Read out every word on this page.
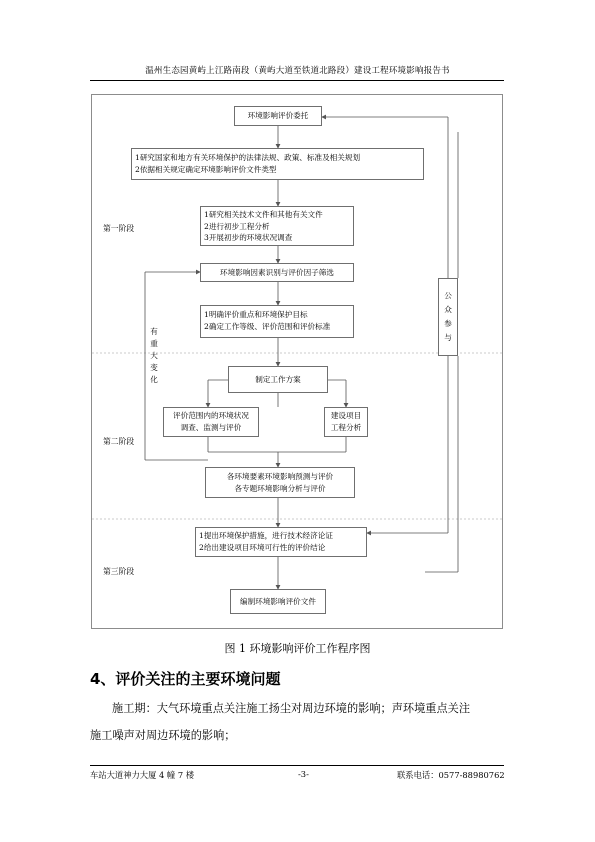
温州生态园黄屿上江路南段（黄屿大道至铁道北路段）建设工程环境影响报告书
环境影响评价委托
1研究国家和地方有关环境保护的法律法规、政策、标准及相关规划
2依据相关规定确定环境影响评价文件类型
1研究相关技术文件和其他有关文件
2进行初步工程分析
3开展初步的环境状况调查
环境影响因素识别与评价因子筛选
1明确评价重点和环境保护目标
2确定工作等级、评价范围和评价标准
制定工作方案
评价范围内的环境状况
调查、监测与评价
建设项目
工程分析
各环境要素环境影响预测与评价
各专题环境影响分析与评价
1提出环境保护措施，进行技术经济论证
2给出建设项目环境可行性的评价结论
编制环境影响评价文件
公
众
参
与
有
重
大
变
化
第一阶段
第二阶段
第三阶段
图 1 环境影响评价工作程序图
4、评价关注的主要环境问题

施工期：大气环境重点关注施工扬尘对周边环境的影响；声环境重点关注

施工噪声对周边环境的影响；

车站大道神力大厦 4 幢 7 楼	-3-	联系电话：0577-88980762
